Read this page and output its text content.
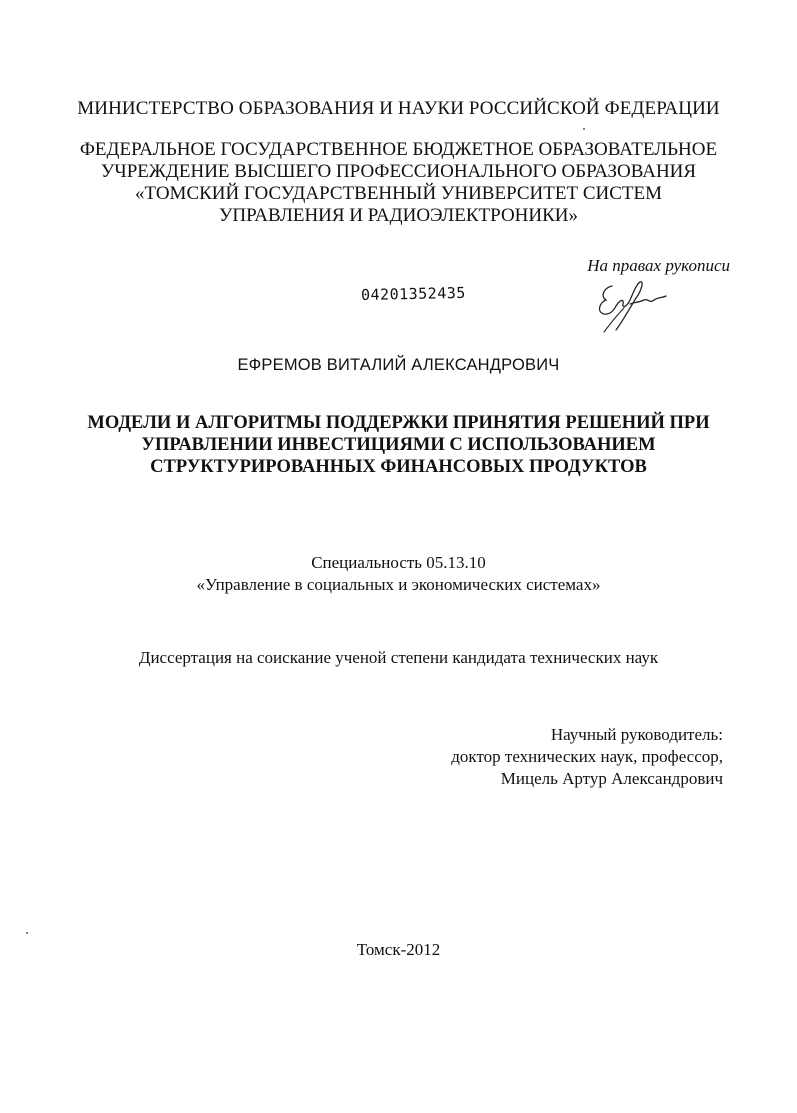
МИНИСТЕРСТВО ОБРАЗОВАНИЯ И НАУКИ РОССИЙСКОЙ ФЕДЕРАЦИИ
ФЕДЕРАЛЬНОЕ ГОСУДАРСТВЕННОЕ БЮДЖЕТНОЕ ОБРАЗОВАТЕЛЬНОЕ
УЧРЕЖДЕНИЕ ВЫСШЕГО ПРОФЕССИОНАЛЬНОГО ОБРАЗОВАНИЯ
«ТОМСКИЙ ГОСУДАРСТВЕННЫЙ УНИВЕРСИТЕТ СИСТЕМ
УПРАВЛЕНИЯ И РАДИОЭЛЕКТРОНИКИ»
На правах рукописи
04201352435
ЕФРЕМОВ ВИТАЛИЙ АЛЕКСАНДРОВИЧ
МОДЕЛИ И АЛГОРИТМЫ ПОДДЕРЖКИ ПРИНЯТИЯ РЕШЕНИЙ ПРИ
УПРАВЛЕНИИ ИНВЕСТИЦИЯМИ С ИСПОЛЬЗОВАНИЕМ
СТРУКТУРИРОВАННЫХ ФИНАНСОВЫХ ПРОДУКТОВ
Специальность 05.13.10
«Управление в социальных и экономических системах»
Диссертация на соискание ученой степени кандидата технических наук
Научный руководитель:
доктор технических наук, профессор,
Мицель Артур Александрович
Томск-2012
